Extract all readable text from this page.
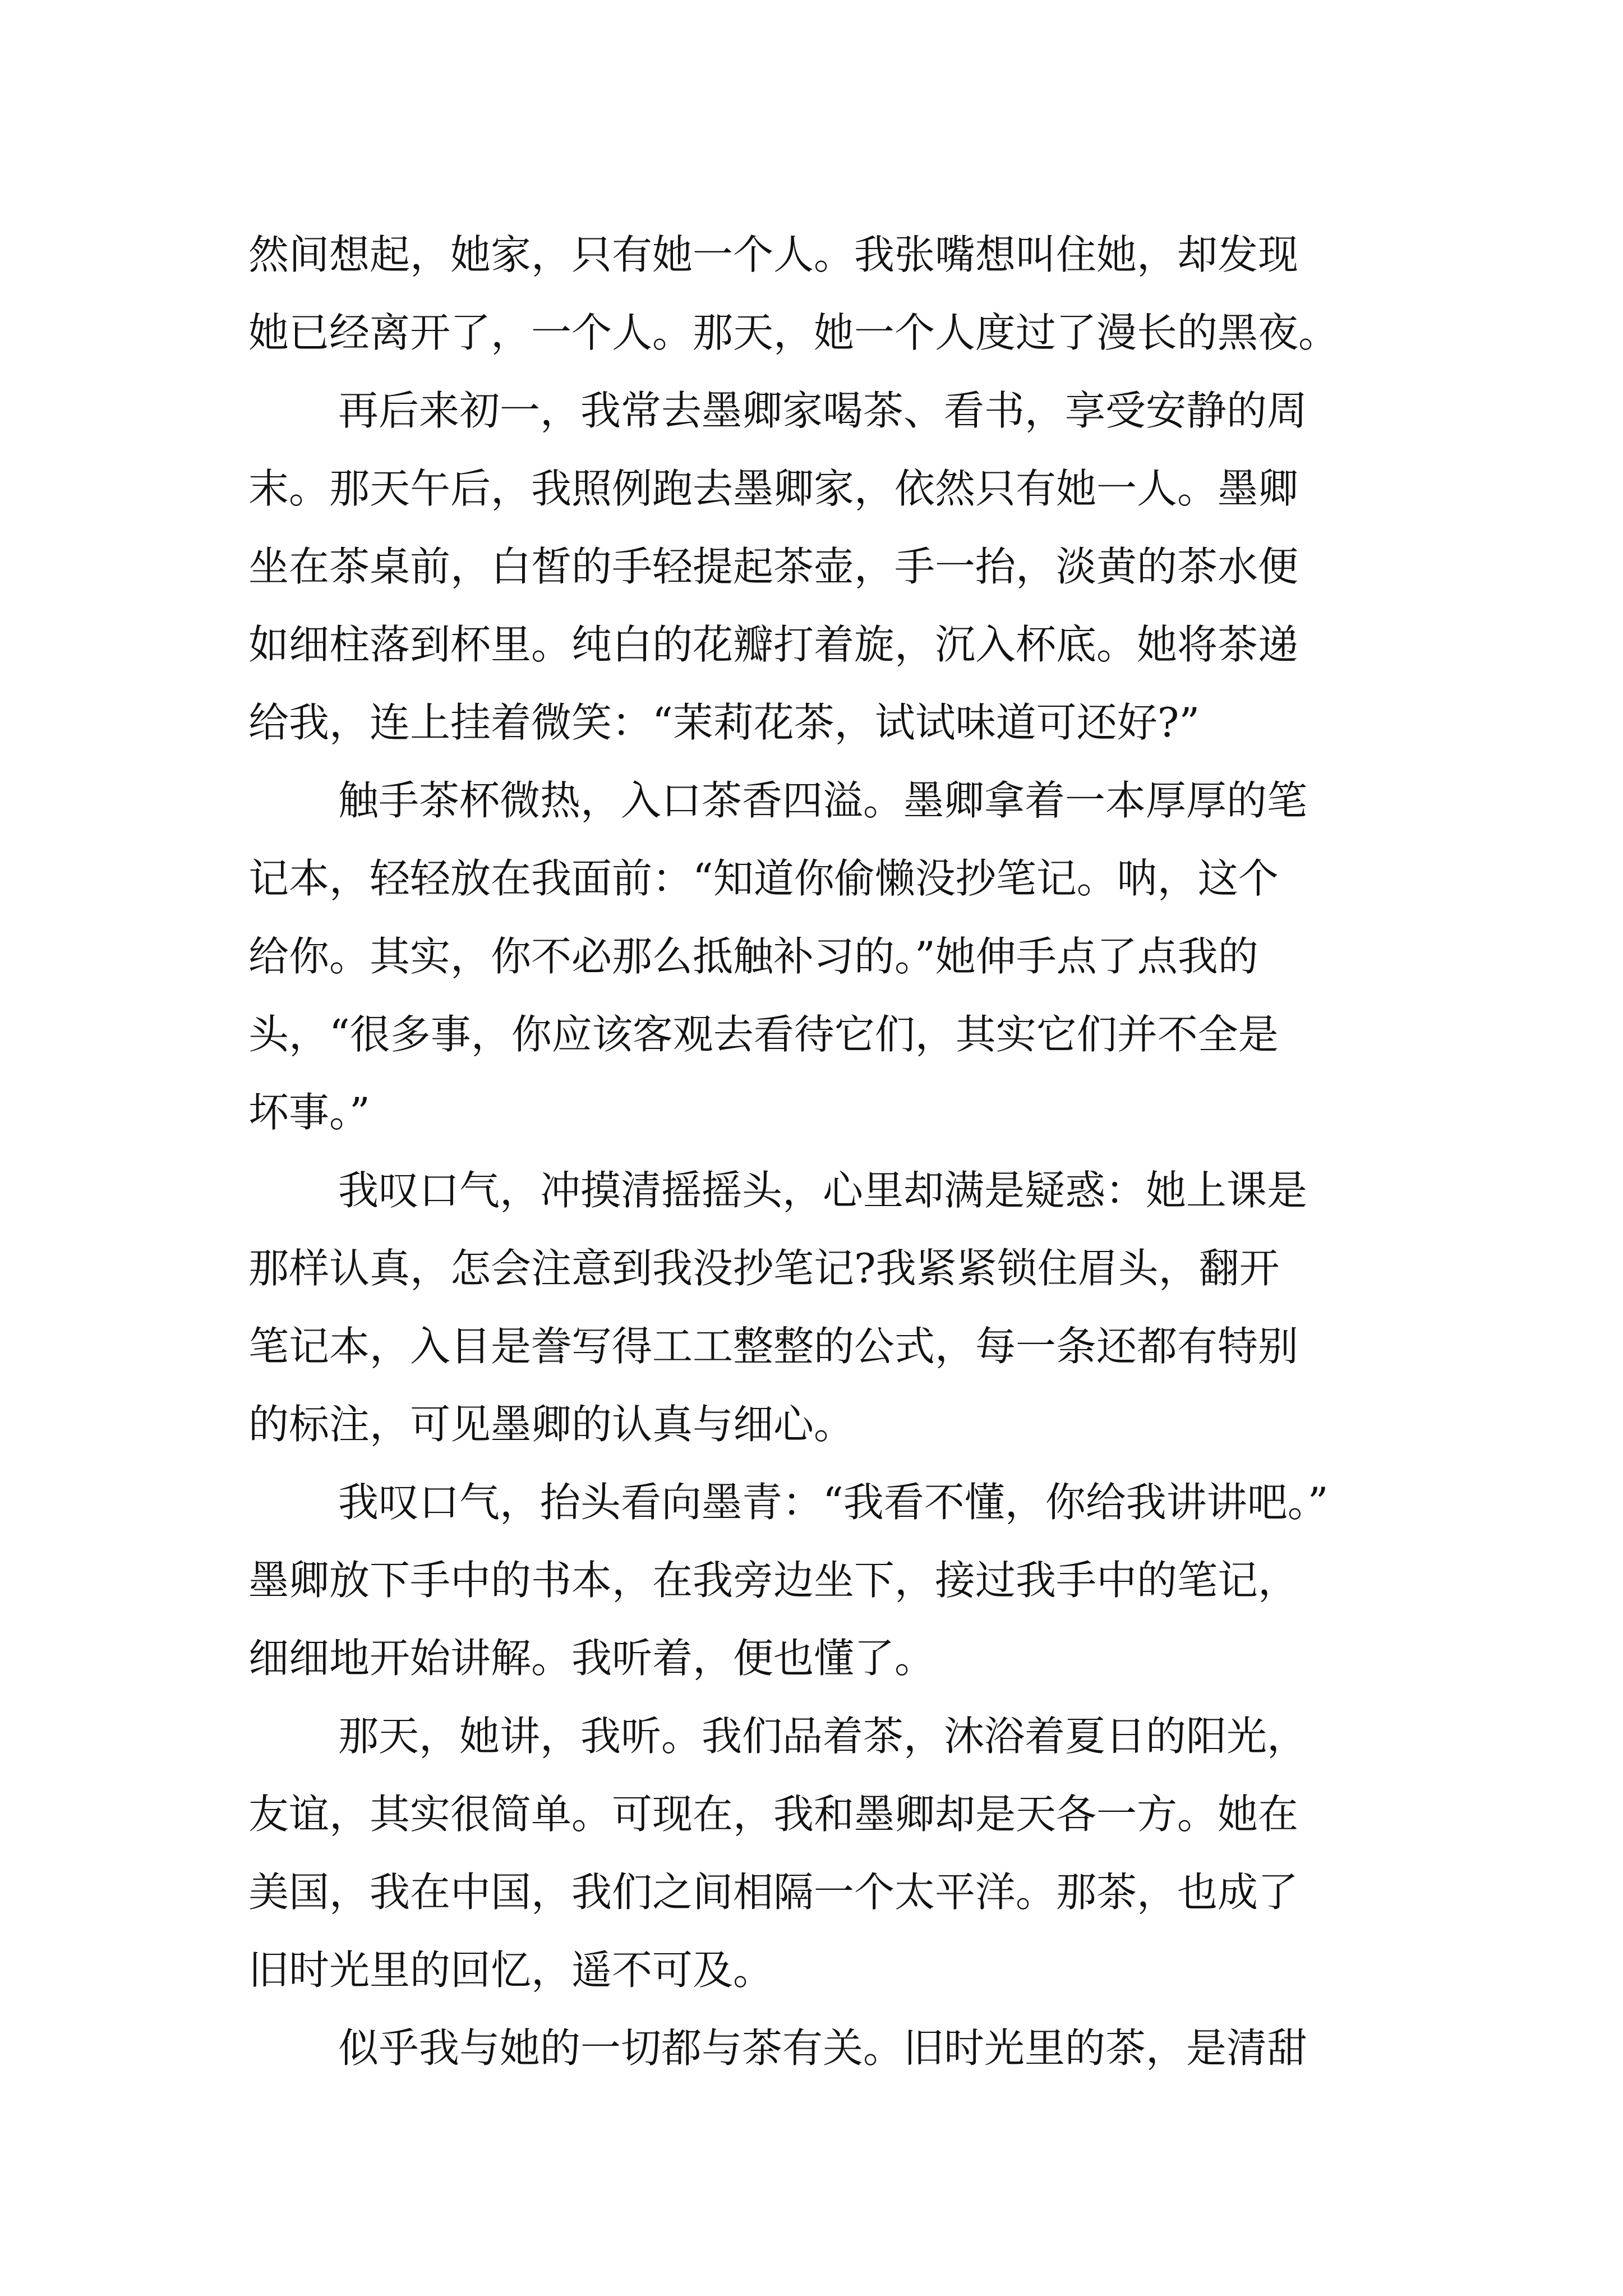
然间想起，她家，只有她一个人。我张嘴想叫住她，却发现
她已经离开了，一个人。那天，她一个人度过了漫长的黑夜。
再后来初一，我常去墨卿家喝茶、看书，享受安静的周
末。那天午后，我照例跑去墨卿家，依然只有她一人。墨卿
坐在茶桌前，白皙的手轻提起茶壶，手一抬，淡黄的茶水便
如细柱落到杯里。纯白的花瓣打着旋，沉入杯底。她将茶递
给我，连上挂着微笑：“茉莉花茶，试试味道可还好?”
触手茶杯微热，入口茶香四溢。墨卿拿着一本厚厚的笔
记本，轻轻放在我面前：“知道你偷懒没抄笔记。呐，这个
给你。其实，你不必那么抵触补习的。”她伸手点了点我的
头，“很多事，你应该客观去看待它们，其实它们并不全是
坏事。”
我叹口气，冲摸清摇摇头，心里却满是疑惑：她上课是
那样认真，怎会注意到我没抄笔记?我紧紧锁住眉头，翻开
笔记本，入目是誊写得工工整整的公式，每一条还都有特别
的标注，可见墨卿的认真与细心。
我叹口气，抬头看向墨青：“我看不懂，你给我讲讲吧。”
墨卿放下手中的书本，在我旁边坐下，接过我手中的笔记，
细细地开始讲解。我听着，便也懂了。
那天，她讲，我听。我们品着茶，沐浴着夏日的阳光，
友谊，其实很简单。可现在，我和墨卿却是天各一方。她在
美国，我在中国，我们之间相隔一个太平洋。那茶，也成了
旧时光里的回忆，遥不可及。
似乎我与她的一切都与茶有关。旧时光里的茶，是清甜
